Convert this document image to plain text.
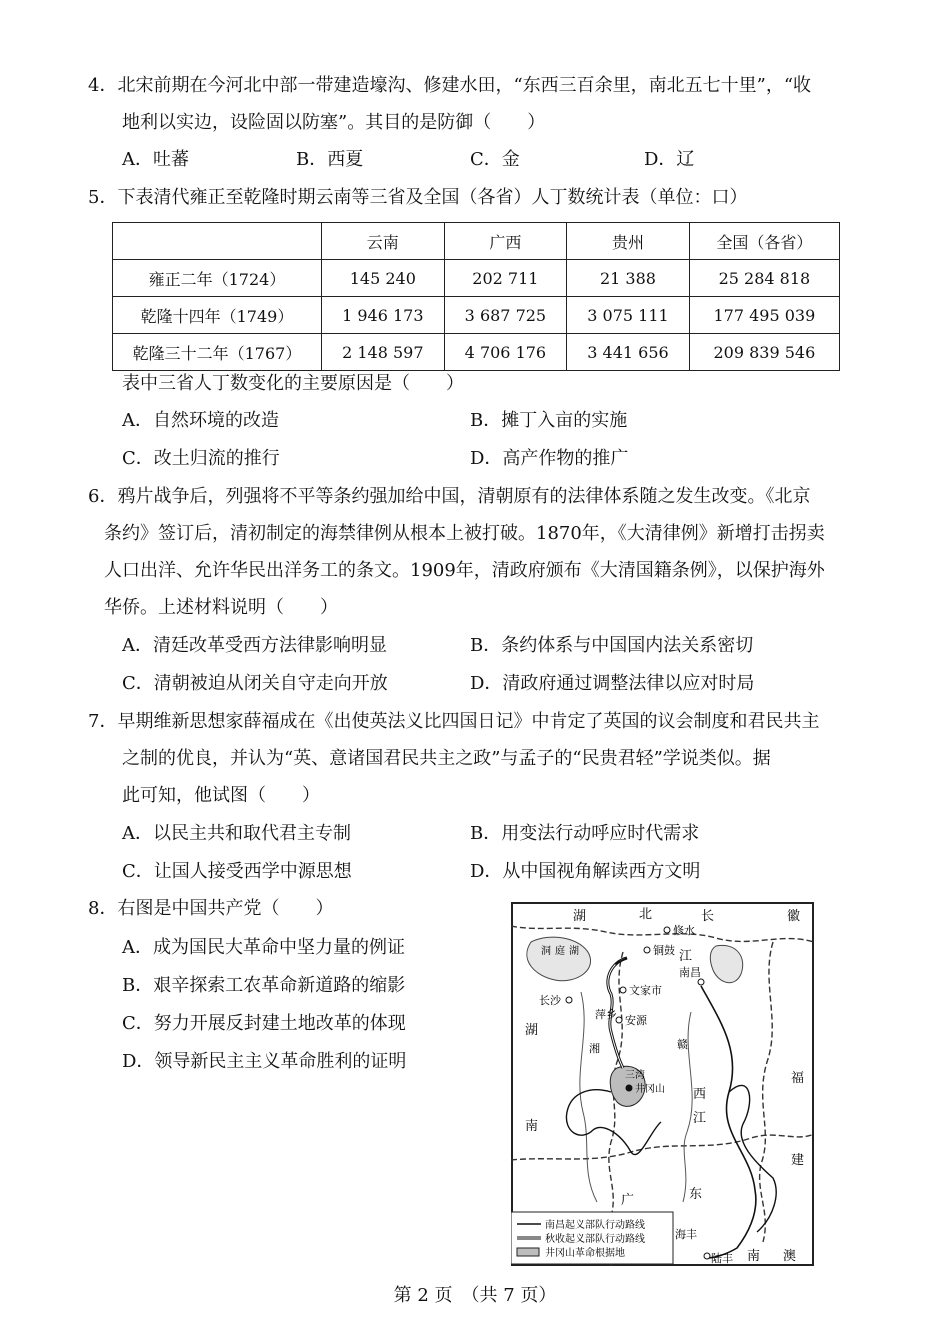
4．北宋前期在今河北中部一带建造壕沟、修建水田，“东西三百余里，南北五七十里”，“收
地利以实边，设险固以防塞”。其目的是防御（　　）
A．吐蕃	B．西夏	C．金	D．辽
5．下表清代雍正至乾隆时期云南等三省及全国（各省）人丁数统计表（单位：口）
	云南	广西	贵州	全国（各省）
雍正二年（1724）	145 240	202 711	21 388	25 284 818
乾隆十四年（1749）	1 946 173	3 687 725	3 075 111	177 495 039
乾隆三十二年（1767）	2 148 597	4 706 176	3 441 656	209 839 546
表中三省人丁数变化的主要原因是（　　）
A．自然环境的改造	B．摊丁入亩的实施
C．改土归流的推行	D．高产作物的推广
6．鸦片战争后，列强将不平等条约强加给中国，清朝原有的法律体系随之发生改变。《北京
条约》签订后，清初制定的海禁律例从根本上被打破。1870年，《大清律例》新增打击拐卖
人口出洋、允许华民出洋务工的条文。1909年，清政府颁布《大清国籍条例》，以保护海外
华侨。上述材料说明（　　）
A．清廷改革受西方法律影响明显	B．条约体系与中国国内法关系密切
C．清朝被迫从闭关自守走向开放	D．清政府通过调整法律以应对时局
7．早期维新思想家薛福成在《出使英法义比四国日记》中肯定了英国的议会制度和君民共主
之制的优良，并认为“英、意诸国君民共主之政”与孟子的“民贵君轻”学说类似。据
此可知，他试图（　　）
A．以民主共和取代君主专制	B．用变法行动呼应时代需求
C．让国人接受西学中源思想	D．从中国视角解读西方文明
8．右图是中国共产党（　　）
A．成为国民大革命中坚力量的例证
B．艰辛探索工农革命新道路的缩影
C．努力开展反封建土地改革的体现
D．领导新民主主义革命胜利的证明
修水
铜鼓
南昌
长沙
文家市
萍乡 安源
井冈山
海丰
陆丰
湖	北
江
长	徽
湖
南
西
江
福
建
广	东
南 澳
洞 庭 湖
湘	赣
三湾
南昌起义部队行动路线
秋收起义部队行动路线
井冈山革命根据地
第 2 页　（共 7 页）
